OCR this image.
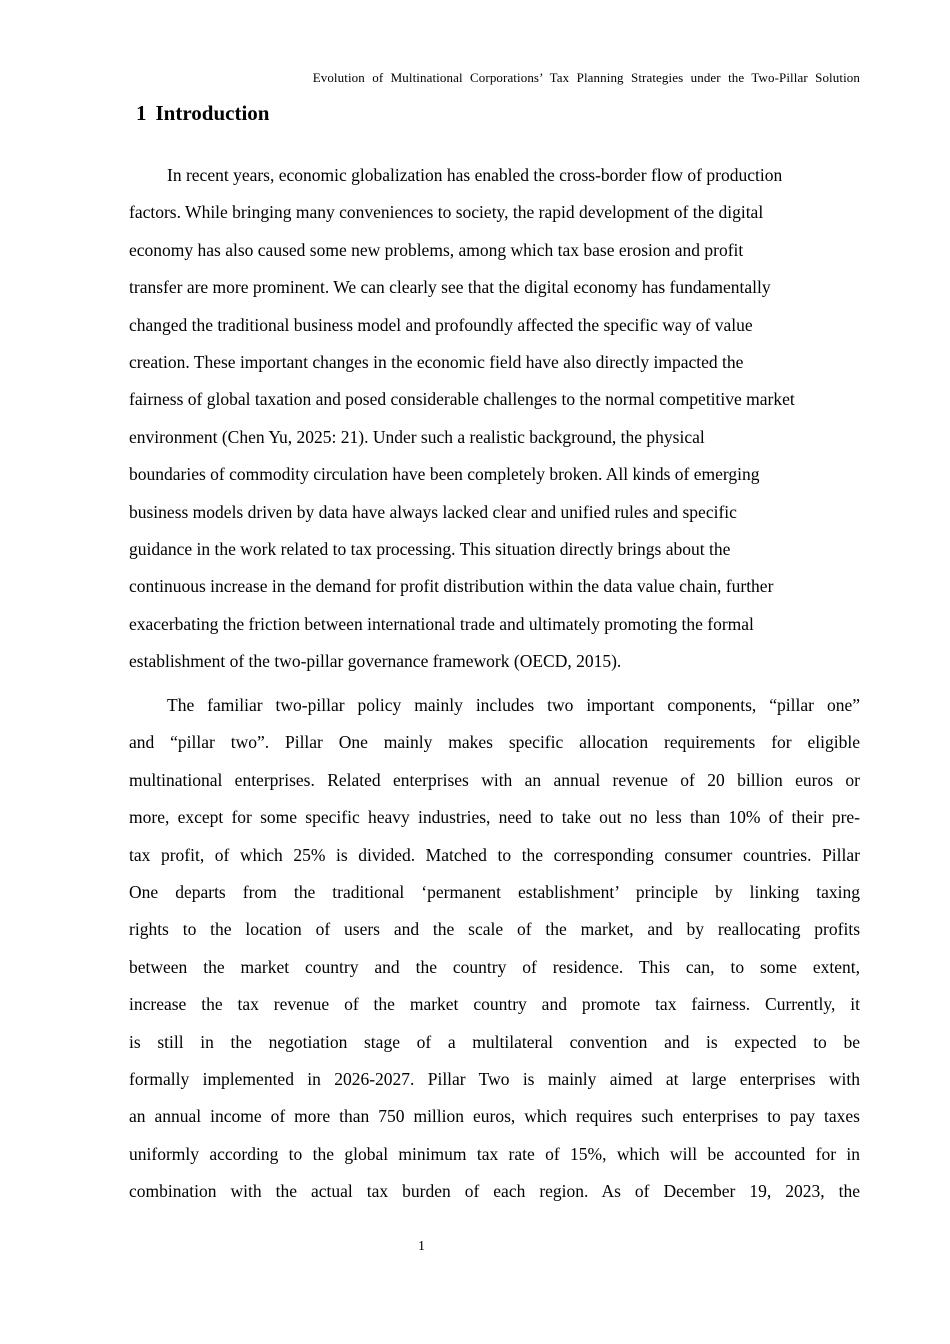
Evolution of Multinational Corporations’ Tax Planning Strategies under the Two-Pillar Solution
1 Introduction
In recent years, economic globalization has enabled the cross-border flow of production
factors. While bringing many conveniences to society, the rapid development of the digital
economy has also caused some new problems, among which tax base erosion and profit
transfer are more prominent. We can clearly see that the digital economy has fundamentally
changed the traditional business model and profoundly affected the specific way of value
creation. These important changes in the economic field have also directly impacted the
fairness of global taxation and posed considerable challenges to the normal competitive market
environment (Chen Yu, 2025: 21). Under such a realistic background, the physical
boundaries of commodity circulation have been completely broken. All kinds of emerging
business models driven by data have always lacked clear and unified rules and specific
guidance in the work related to tax processing. This situation directly brings about the
continuous increase in the demand for profit distribution within the data value chain, further
exacerbating the friction between international trade and ultimately promoting the formal
establishment of the two-pillar governance framework (OECD, 2015).
The familiar two-pillar policy mainly includes two important components, “pillar one”
and “pillar two”. Pillar One mainly makes specific allocation requirements for eligible
multinational enterprises. Related enterprises with an annual revenue of 20 billion euros or
more, except for some specific heavy industries, need to take out no less than 10% of their pre-
tax profit, of which 25% is divided. Matched to the corresponding consumer countries. Pillar
One departs from the traditional ‘permanent establishment’ principle by linking taxing
rights to the location of users and the scale of the market, and by reallocating profits
between the market country and the country of residence. This can, to some extent,
increase the tax revenue of the market country and promote tax fairness. Currently, it
is still in the negotiation stage of a multilateral convention and is expected to be
formally implemented in 2026-2027. Pillar Two is mainly aimed at large enterprises with
an annual income of more than 750 million euros, which requires such enterprises to pay taxes
uniformly according to the global minimum tax rate of 15%, which will be accounted for in
combination with the actual tax burden of each region. As of December 19, 2023, the
1
